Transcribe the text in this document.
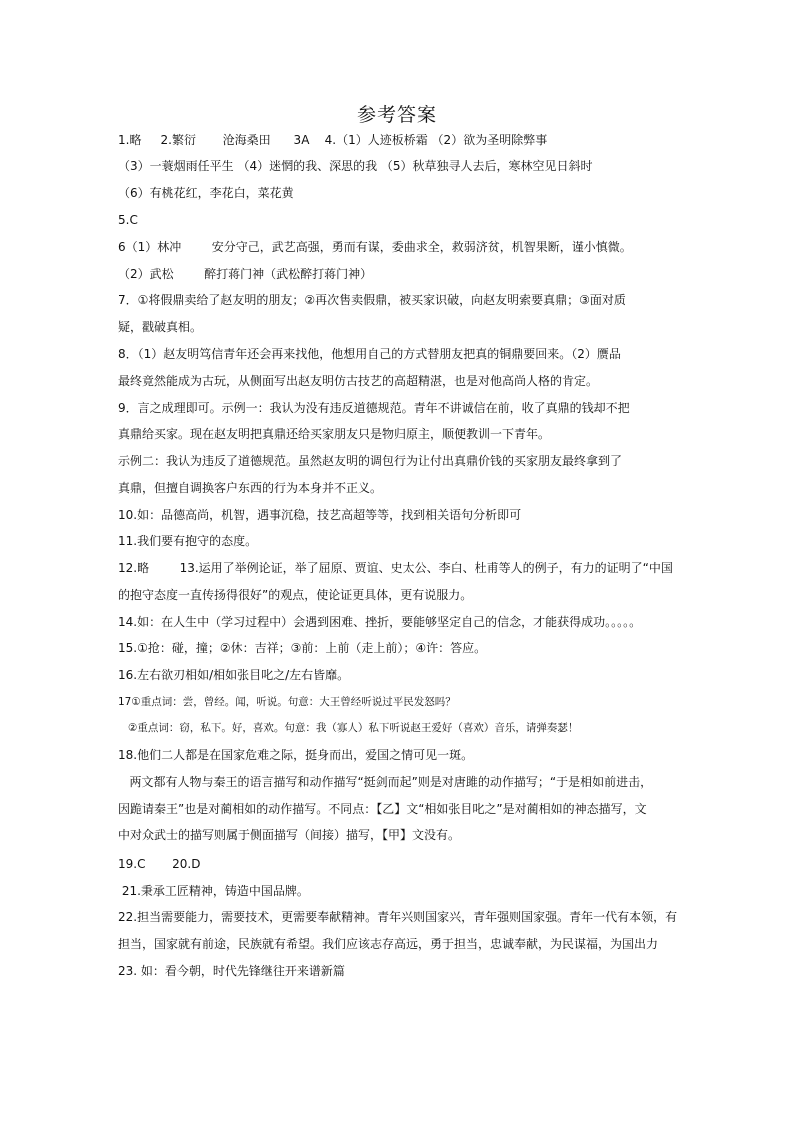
参考答案
1.略     2.繁衍       沧海桑田      3A    4.（1）人迹板桥霜 （2）欲为圣明除弊事
（3）一蓑烟雨任平生 （4）迷惘的我、深思的我 （5）秋草独寻人去后，寒林空见日斜时
（6）有桃花红，李花白，菜花黄
5.C
6（1）林冲        安分守己，武艺高强，勇而有谋，委曲求全，救弱济贫，机智果断，谨小慎微。
（2）武松        醉打蒋门神（武松醉打蒋门神）
7．①将假鼎卖给了赵友明的朋友；②再次售卖假鼎，被买家识破，向赵友明索要真鼎；③面对质
疑，戳破真相。
8．（1）赵友明笃信青年还会再来找他，他想用自己的方式替朋友把真的铜鼎要回来。（2）赝品
最终竟然能成为古玩，从侧面写出赵友明仿古技艺的高超精湛，也是对他高尚人格的肯定。
9．言之成理即可。示例一：我认为没有违反道德规范。青年不讲诚信在前，收了真鼎的钱却不把
真鼎给买家。现在赵友明把真鼎还给买家朋友只是物归原主，顺便教训一下青年。
示例二：我认为违反了道德规范。虽然赵友明的调包行为让付出真鼎价钱的买家朋友最终拿到了
真鼎，但擅自调换客户东西的行为本身并不正义。
10.如：品德高尚，机智，遇事沉稳，技艺高超等等，找到相关语句分析即可
11.我们要有抱守的态度。
12.略        13.运用了举例论证，举了屈原、贾谊、史太公、李白、杜甫等人的例子，有力的证明了“中国
的抱守态度一直传扬得很好”的观点，使论证更具体，更有说服力。
14.如：在人生中（学习过程中）会遇到困难、挫折，要能够坚定自己的信念，才能获得成功。。。。。
15.①抢：碰，撞；②休：吉祥；③前：上前（走上前）；④许：答应。
16.左右欲刃相如/相如张目叱之/左右皆靡。
17①重点词：尝，曾经。闻，听说。句意：大王曾经听说过平民发怒吗？
②重点词：窃，私下。好，喜欢。句意：我（寡人）私下听说赵王爱好（喜欢）音乐，请弹奏瑟！
18.他们二人都是在国家危难之际，挺身而出，爱国之情可见一斑。
两文都有人物与秦王的语言描写和动作描写“挺剑而起”则是对唐雎的动作描写；“于是相如前进击，
因跪请秦王”也是对蔺相如的动作描写。不同点：【乙】文“相如张目叱之”是对蔺相如的神态描写，文
中对众武士的描写则属于侧面描写（间接）描写，【甲】文没有。
19.C       20.D
21.秉承工匠精神，铸造中国品牌。
22.担当需要能力，需要技术，更需要奉献精神。青年兴则国家兴，青年强则国家强。青年一代有本领，有
担当，国家就有前途，民族就有希望。我们应该志存高远，勇于担当，忠诚奉献，为民谋福，为国出力
23. 如：看今朝，时代先锋继往开来谱新篇
